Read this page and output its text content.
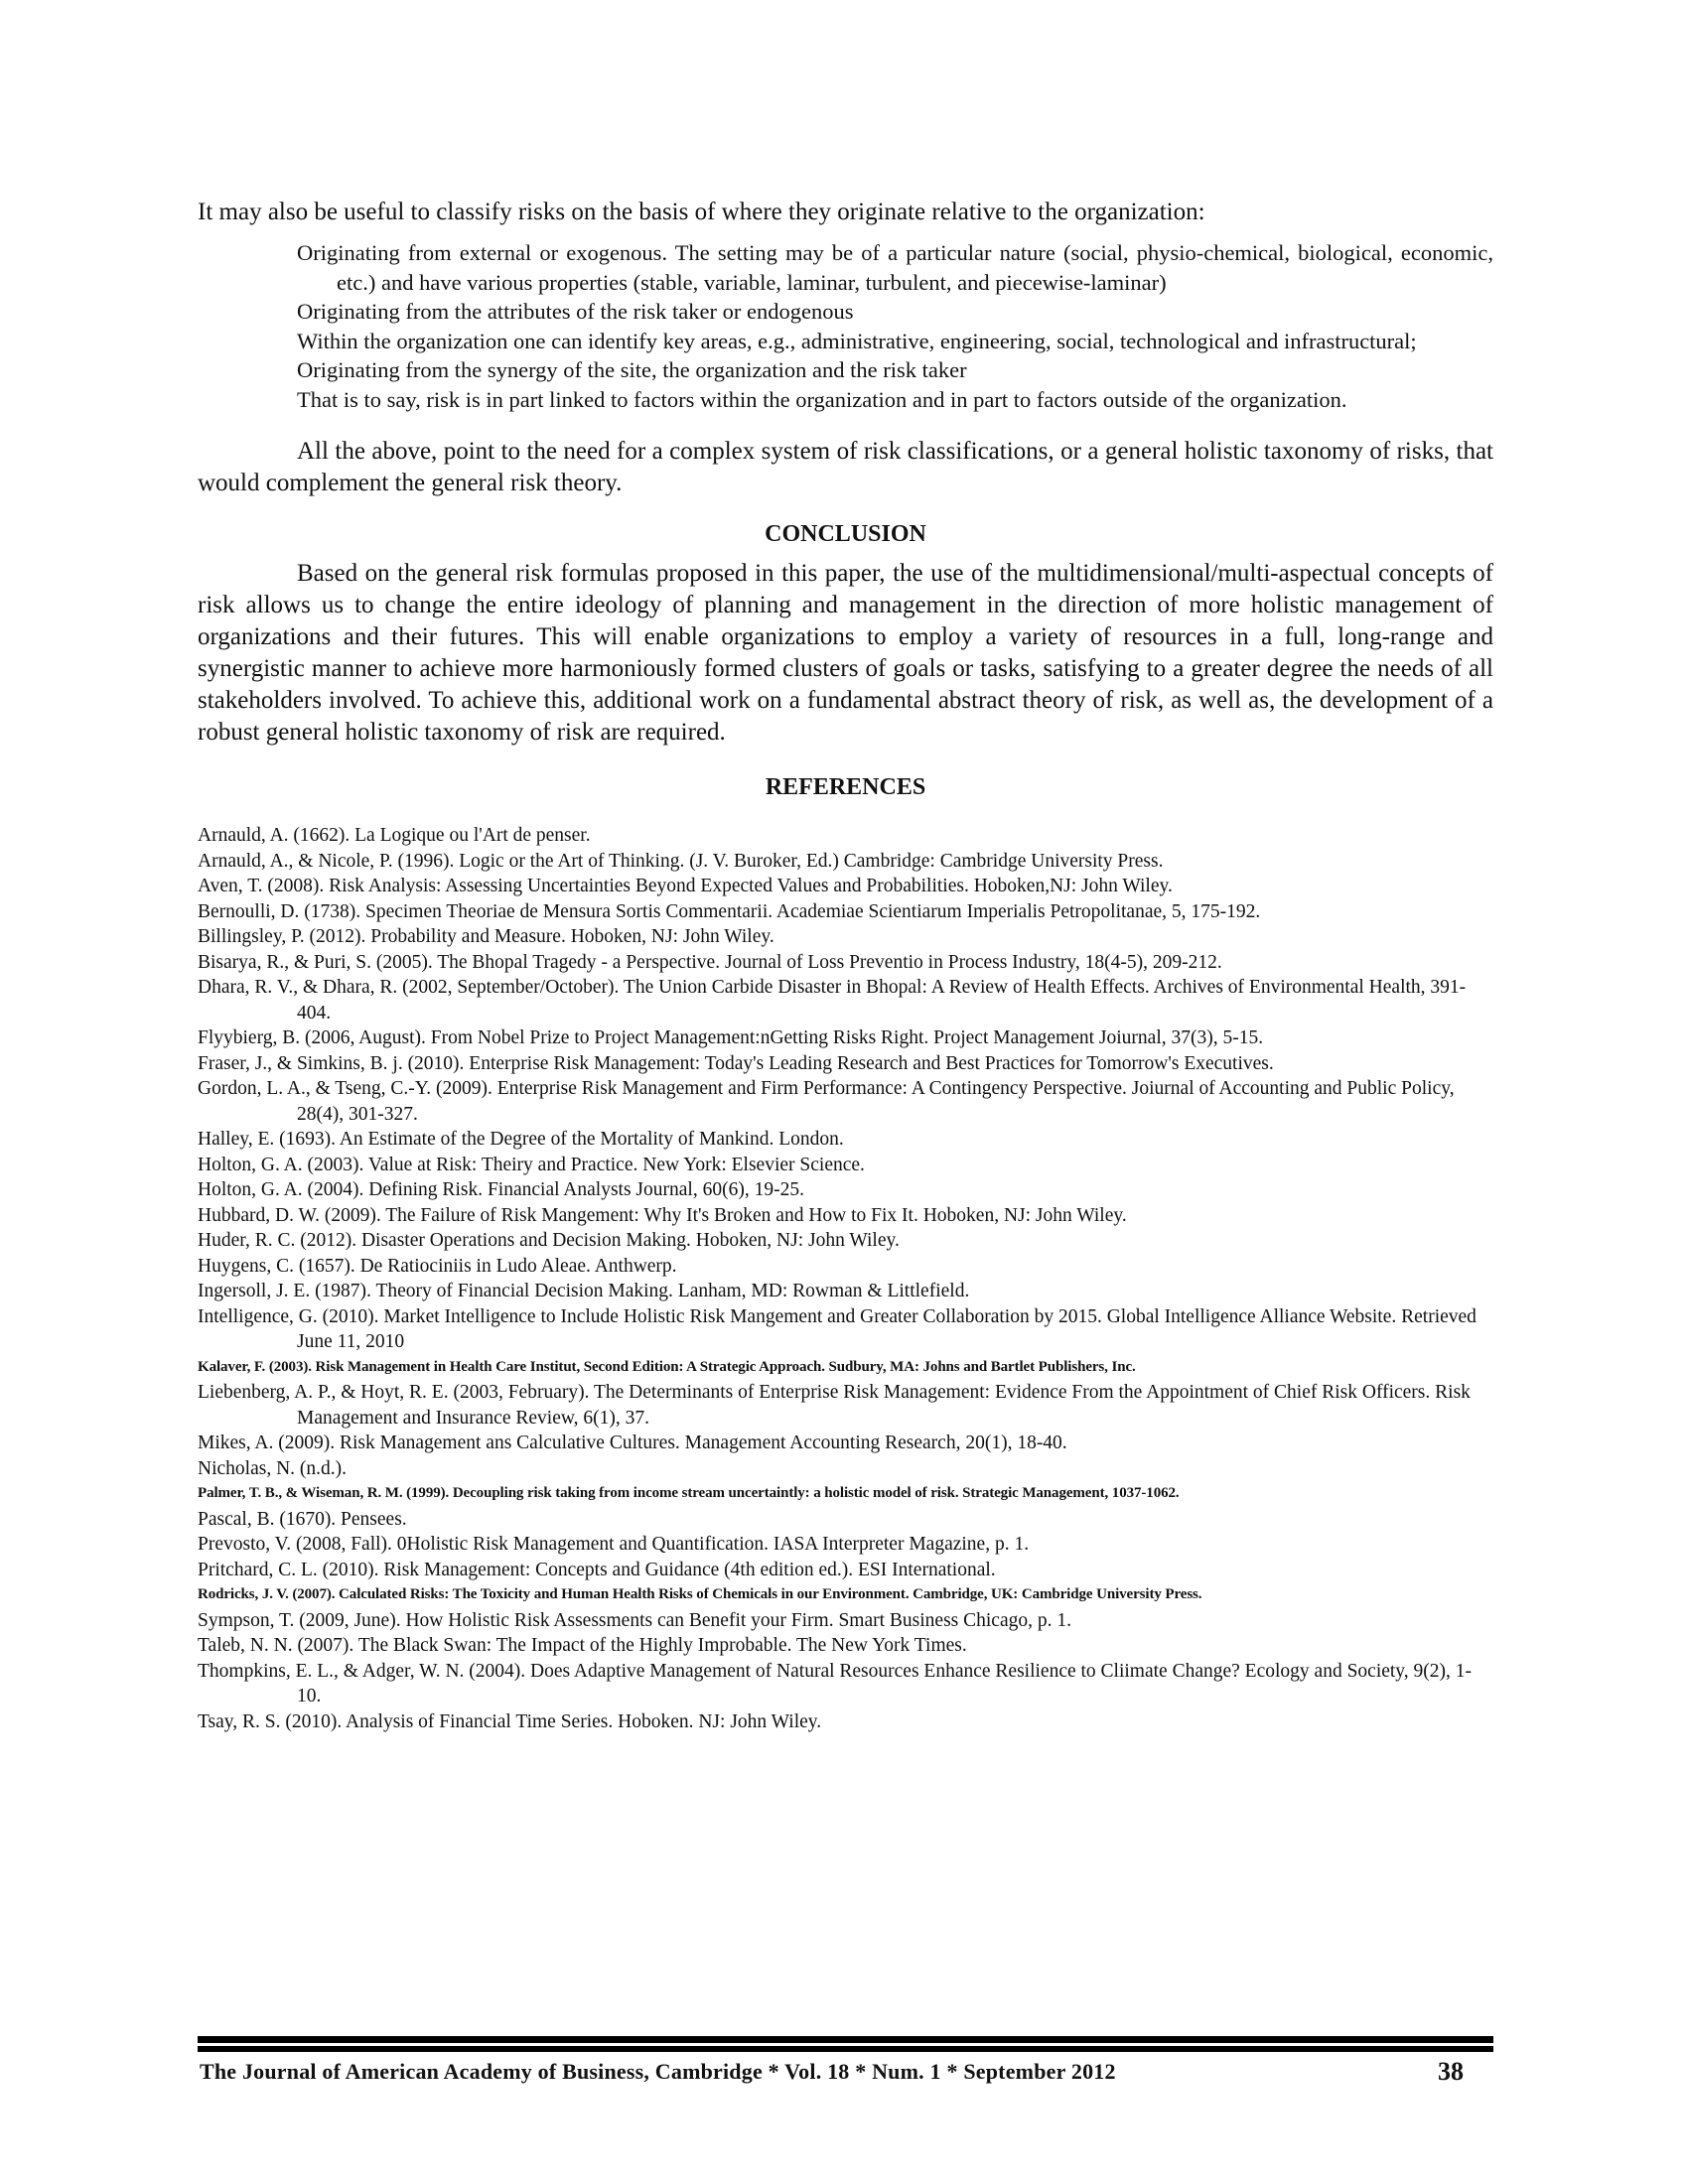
It may also be useful to classify risks on the basis of where they originate relative to the organization:

Originating from external or exogenous. The setting may be of a particular nature (social, physio-chemical, biological, economic, etc.) and have various properties (stable, variable, laminar, turbulent, and piecewise-laminar)
Originating from the attributes of the risk taker or endogenous
Within the organization one can identify key areas, e.g., administrative, engineering, social, technological and infrastructural;
Originating from the synergy of the site, the organization and the risk taker
That is to say, risk is in part linked to factors within the organization and in part to factors outside of the organization.

All the above, point to the need for a complex system of risk classifications, or a general holistic taxonomy of risks, that would complement the general risk theory.

CONCLUSION

Based on the general risk formulas proposed in this paper, the use of the multidimensional/multi-aspectual concepts of risk allows us to change the entire ideology of planning and management in the direction of more holistic management of organizations and their futures. This will enable organizations to employ a variety of resources in a full, long-range and synergistic manner to achieve more harmoniously formed clusters of goals or tasks, satisfying to a greater degree the needs of all stakeholders involved. To achieve this, additional work on a fundamental abstract theory of risk, as well as, the development of a robust general holistic taxonomy of risk are required.

REFERENCES
Arnauld, A. (1662). La Logique ou l'Art de penser.
Arnauld, A., & Nicole, P. (1996). Logic or the Art of Thinking. (J. V. Buroker, Ed.) Cambridge: Cambridge University Press.
Aven, T. (2008). Risk Analysis: Assessing Uncertainties Beyond Expected Values and Probabilities. Hoboken,NJ: John Wiley.
Bernoulli, D. (1738). Specimen Theoriae de Mensura Sortis Commentarii. Academiae Scientiarum Imperialis Petropolitanae, 5, 175-192.
Billingsley, P. (2012). Probability and Measure. Hoboken, NJ: John Wiley.
Bisarya, R., & Puri, S. (2005). The Bhopal Tragedy - a Perspective. Journal of Loss Preventio in Process Industry, 18(4-5), 209-212.
Dhara, R. V., & Dhara, R. (2002, September/October). The Union Carbide Disaster in Bhopal: A Review of Health Effects. Archives of Environmental Health, 391-404.
Flyybierg, B. (2006, August). From Nobel Prize to Project Management:nGetting Risks Right. Project Management Joiurnal, 37(3), 5-15.
Fraser, J., & Simkins, B. j. (2010). Enterprise Risk Management: Today's Leading Research and Best Practices for Tomorrow's Executives.
Gordon, L. A., & Tseng, C.-Y. (2009). Enterprise Risk Management and Firm Performance: A Contingency Perspective. Joiurnal of Accounting and Public Policy, 28(4), 301-327.
Halley, E. (1693). An Estimate of the Degree of the Mortality of Mankind. London.
Holton, G. A. (2003). Value at Risk: Theiry and Practice. New York: Elsevier Science.
Holton, G. A. (2004). Defining Risk. Financial Analysts Journal, 60(6), 19-25.
Hubbard, D. W. (2009). The Failure of Risk Mangement: Why It's Broken and How to Fix It. Hoboken, NJ: John Wiley.
Huder, R. C. (2012). Disaster Operations and Decision Making. Hoboken, NJ: John Wiley.
Huygens, C. (1657). De Ratiociniis in Ludo Aleae. Anthwerp.
Ingersoll, J. E. (1987). Theory of Financial Decision Making. Lanham, MD: Rowman & Littlefield.
Intelligence, G. (2010). Market Intelligence to Include Holistic Risk Mangement and Greater Collaboration by 2015. Global Intelligence Alliance Website. Retrieved June 11, 2010
Kalaver, F. (2003). Risk Management in Health Care Institut, Second Edition: A Strategic Approach. Sudbury, MA: Johns and Bartlet Publishers, Inc.
Liebenberg, A. P., & Hoyt, R. E. (2003, February). The Determinants of Enterprise Risk Management: Evidence From the Appointment of Chief Risk Officers. Risk Management and Insurance Review, 6(1), 37.
Mikes, A. (2009). Risk Management ans Calculative Cultures. Management Accounting Research, 20(1), 18-40.
Nicholas, N. (n.d.).
Palmer, T. B., & Wiseman, R. M. (1999). Decoupling risk taking from income stream uncertaintly: a holistic model of risk. Strategic Management, 1037-1062.
Pascal, B. (1670). Pensees.
Prevosto, V. (2008, Fall). 0Holistic Risk Management and Quantification. IASA Interpreter Magazine, p. 1.
Pritchard, C. L. (2010). Risk Management: Concepts and Guidance (4th edition ed.). ESI International.
Rodricks, J. V. (2007). Calculated Risks: The Toxicity and Human Health Risks of Chemicals in our Environment. Cambridge, UK: Cambridge University Press.
Sympson, T. (2009, June). How Holistic Risk Assessments can Benefit your Firm. Smart Business Chicago, p. 1.
Taleb, N. N. (2007). The Black Swan: The Impact of the Highly Improbable. The New York Times.
Thompkins, E. L., & Adger, W. N. (2004). Does Adaptive Management of Natural Resources Enhance Resilience to Cliimate Change? Ecology and Society, 9(2), 1-10.
Tsay, R. S. (2010). Analysis of Financial Time Series. Hoboken. NJ: John Wiley.
The Journal of American Academy of Business, Cambridge * Vol. 18 * Num. 1 * September 2012	38
